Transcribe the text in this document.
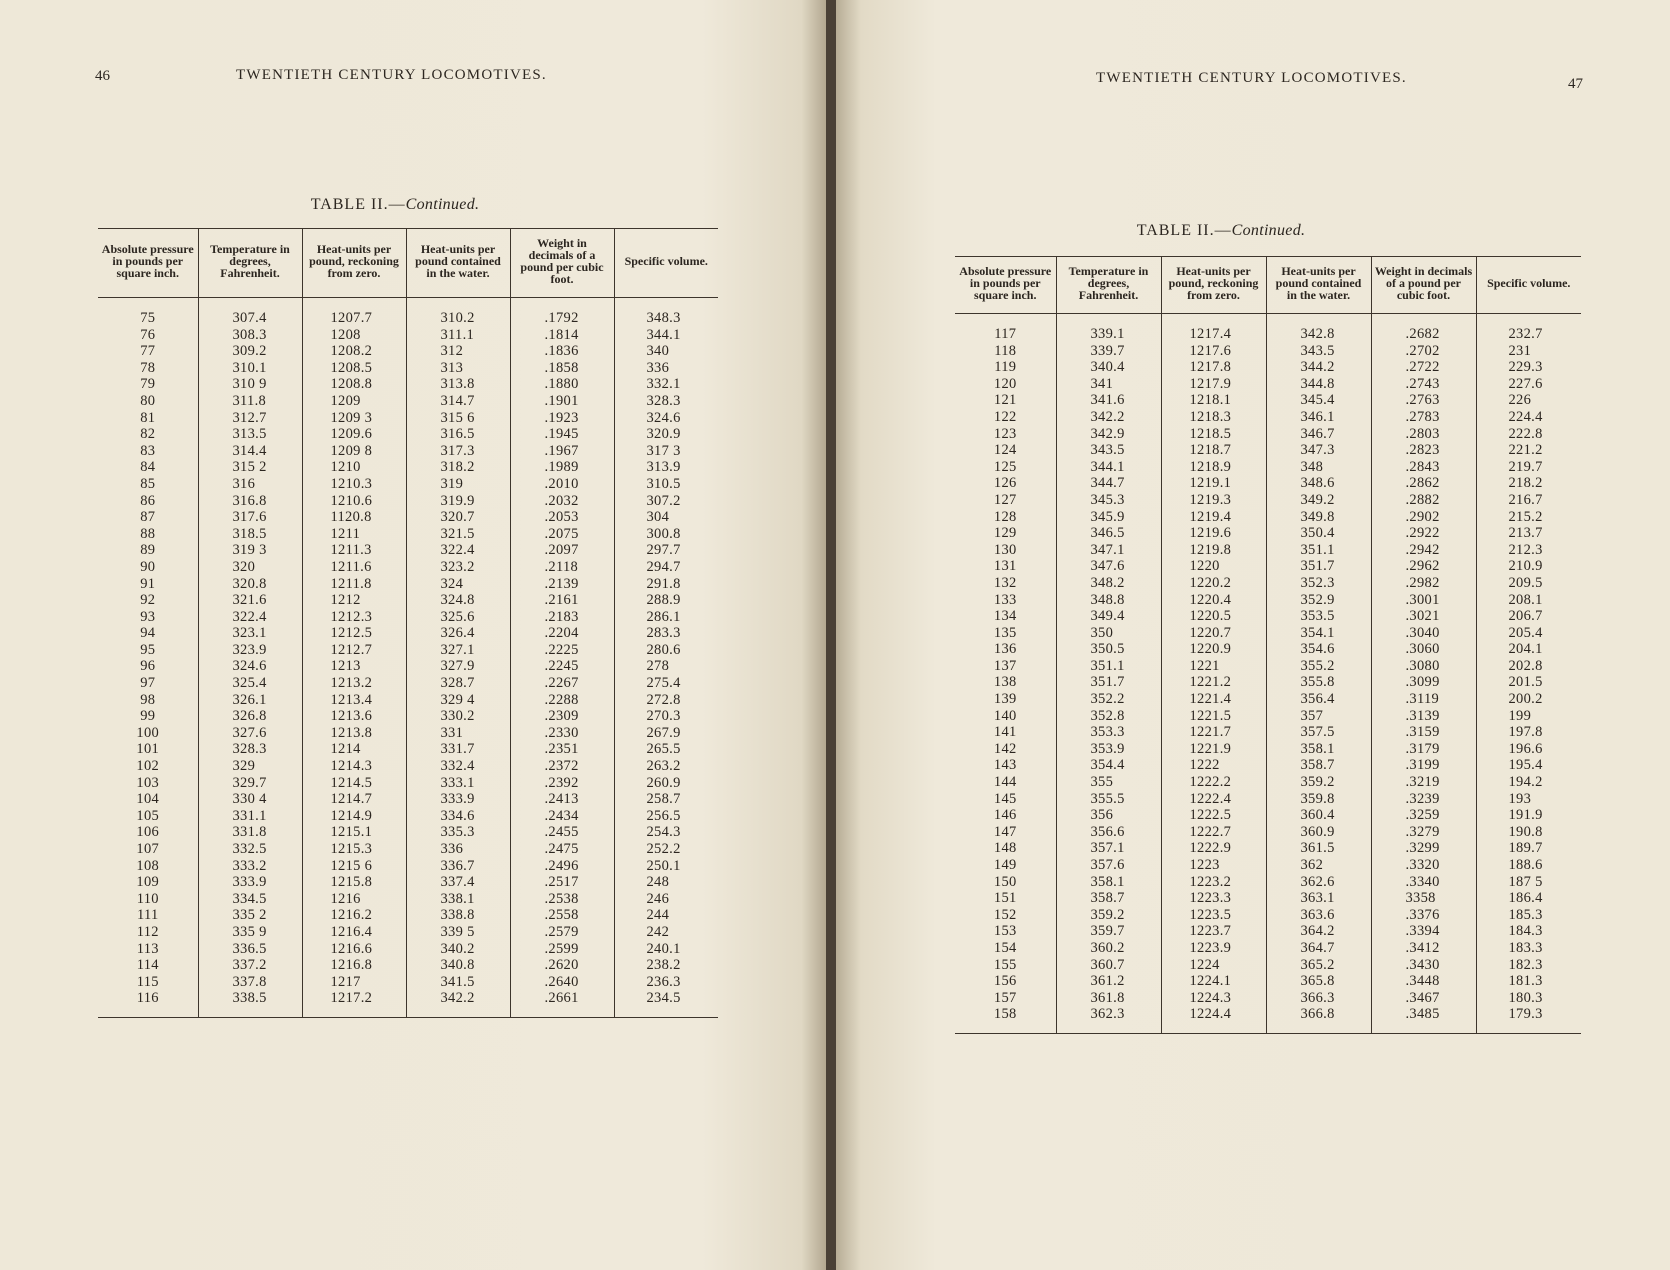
46	TWENTIETH CENTURY LOCOMOTIVES.
TABLE II.—Continued.
Absolute pressure in pounds per square inch.	Temperature in degrees, Fahrenheit.	Heat-units per pound, reckoning from zero.	Heat-units per pound contained in the water.	Weight in decimals of a pound per cubic foot.	Specific volume.
75	307.4	1207.7	310.2	.1792	348.3
76	308.3	1208	311.1	.1814	344.1
77	309.2	1208.2	312	.1836	340
78	310.1	1208.5	313	.1858	336
79	310 9	1208.8	313.8	.1880	332.1
80	311.8	1209	314.7	.1901	328.3
81	312.7	1209 3	315 6	.1923	324.6
82	313.5	1209.6	316.5	.1945	320.9
83	314.4	1209 8	317.3	.1967	317 3
84	315 2	1210	318.2	.1989	313.9
85	316	1210.3	319	.2010	310.5
86	316.8	1210.6	319.9	.2032	307.2
87	317.6	1120.8	320.7	.2053	304
88	318.5	1211	321.5	.2075	300.8
89	319 3	1211.3	322.4	.2097	297.7
90	320	1211.6	323.2	.2118	294.7
91	320.8	1211.8	324	.2139	291.8
92	321.6	1212	324.8	.2161	288.9
93	322.4	1212.3	325.6	.2183	286.1
94	323.1	1212.5	326.4	.2204	283.3
95	323.9	1212.7	327.1	.2225	280.6
96	324.6	1213	327.9	.2245	278
97	325.4	1213.2	328.7	.2267	275.4
98	326.1	1213.4	329 4	.2288	272.8
99	326.8	1213.6	330.2	.2309	270.3
100	327.6	1213.8	331	.2330	267.9
101	328.3	1214	331.7	.2351	265.5
102	329	1214.3	332.4	.2372	263.2
103	329.7	1214.5	333.1	.2392	260.9
104	330 4	1214.7	333.9	.2413	258.7
105	331.1	1214.9	334.6	.2434	256.5
106	331.8	1215.1	335.3	.2455	254.3
107	332.5	1215.3	336	.2475	252.2
108	333.2	1215 6	336.7	.2496	250.1
109	333.9	1215.8	337.4	.2517	248
110	334.5	1216	338.1	.2538	246
111	335 2	1216.2	338.8	.2558	244
112	335 9	1216.4	339 5	.2579	242
113	336.5	1216.6	340.2	.2599	240.1
114	337.2	1216.8	340.8	.2620	238.2
115	337.8	1217	341.5	.2640	236.3
116	338.5	1217.2	342.2	.2661	234.5
TWENTIETH CENTURY LOCOMOTIVES.	47
TABLE II.—Continued.
Absolute pressure in pounds per square inch.	Temperature in degrees, Fahrenheit.	Heat-units per pound, reckoning from zero.	Heat-units per pound contained in the water.	Weight in decimals of a pound per cubic foot.	Specific volume.
117	339.1	1217.4	342.8	.2682	232.7
118	339.7	1217.6	343.5	.2702	231
119	340.4	1217.8	344.2	.2722	229.3
120	341	1217.9	344.8	.2743	227.6
121	341.6	1218.1	345.4	.2763	226
122	342.2	1218.3	346.1	.2783	224.4
123	342.9	1218.5	346.7	.2803	222.8
124	343.5	1218.7	347.3	.2823	221.2
125	344.1	1218.9	348	.2843	219.7
126	344.7	1219.1	348.6	.2862	218.2
127	345.3	1219.3	349.2	.2882	216.7
128	345.9	1219.4	349.8	.2902	215.2
129	346.5	1219.6	350.4	.2922	213.7
130	347.1	1219.8	351.1	.2942	212.3
131	347.6	1220	351.7	.2962	210.9
132	348.2	1220.2	352.3	.2982	209.5
133	348.8	1220.4	352.9	.3001	208.1
134	349.4	1220.5	353.5	.3021	206.7
135	350	1220.7	354.1	.3040	205.4
136	350.5	1220.9	354.6	.3060	204.1
137	351.1	1221	355.2	.3080	202.8
138	351.7	1221.2	355.8	.3099	201.5
139	352.2	1221.4	356.4	.3119	200.2
140	352.8	1221.5	357	.3139	199
141	353.3	1221.7	357.5	.3159	197.8
142	353.9	1221.9	358.1	.3179	196.6
143	354.4	1222	358.7	.3199	195.4
144	355	1222.2	359.2	.3219	194.2
145	355.5	1222.4	359.8	.3239	193
146	356	1222.5	360.4	.3259	191.9
147	356.6	1222.7	360.9	.3279	190.8
148	357.1	1222.9	361.5	.3299	189.7
149	357.6	1223	362	.3320	188.6
150	358.1	1223.2	362.6	.3340	187 5
151	358.7	1223.3	363.1	3358	186.4
152	359.2	1223.5	363.6	.3376	185.3
153	359.7	1223.7	364.2	.3394	184.3
154	360.2	1223.9	364.7	.3412	183.3
155	360.7	1224	365.2	.3430	182.3
156	361.2	1224.1	365.8	.3448	181.3
157	361.8	1224.3	366.3	.3467	180.3
158	362.3	1224.4	366.8	.3485	179.3
